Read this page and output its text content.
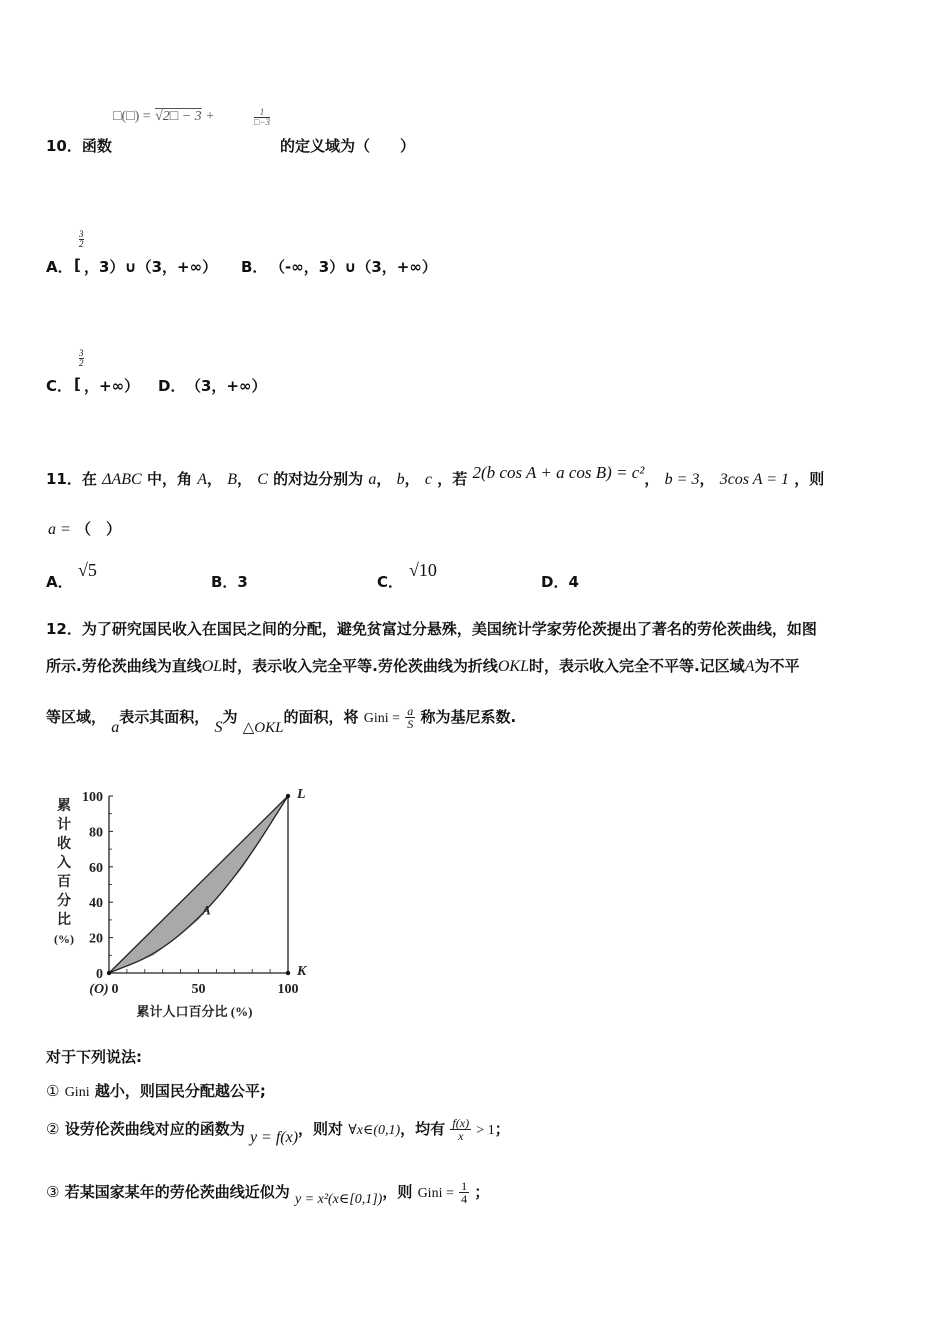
10．函数
□(□) = √2□ − 3 +	$\frac{1}{□-3}$
的定义域为（　　）
A．
$\frac{3}{2}$
[ ，3）∪（3，+∞） B． （-∞，3）∪（3，+∞）
C．
$\frac{3}{2}$
[ ，+∞） D． （3，+∞）
11．在 ΔABC 中，角 A， B， C 的对边分别为 a， b， c ，若 2(b cos A + a cos B) = c²， b = 3， 3cos A = 1 ，则
a = （　）
A．
√5
B．3	C．
√10
D．4
12．为了研究国民收入在国民之间的分配，避免贫富过分悬殊，美国统计学家劳伦茨提出了著名的劳伦茨曲线，如图
所示.劳伦茨曲线为直线OL时，表示收入完全平等.劳伦茨曲线为折线OKL时，表示收入完全不平等.记区域A为不平
等区域， a表示其面积， S为 △OKL的面积，将 Gini = $\frac{a}{S}$ 称为基尼系数.
20
40
60
80
100
0
0	50	100
(O)
L
K
A
累
计
收
入
百
分
比
(%)
累计人口百分比 (%)
对于下列说法:
① Gini 越小，则国民分配越公平;
② 设劳伦茨曲线对应的函数为 y = f(x)，则对 ∀x∈(0,1)，均有 $\frac{f(x)}{x} > 1$；
③ 若某国家某年的劳伦茨曲线近似为 y = x²(x∈[0,1])，则 Gini = $\frac{1}{4}$ ；
